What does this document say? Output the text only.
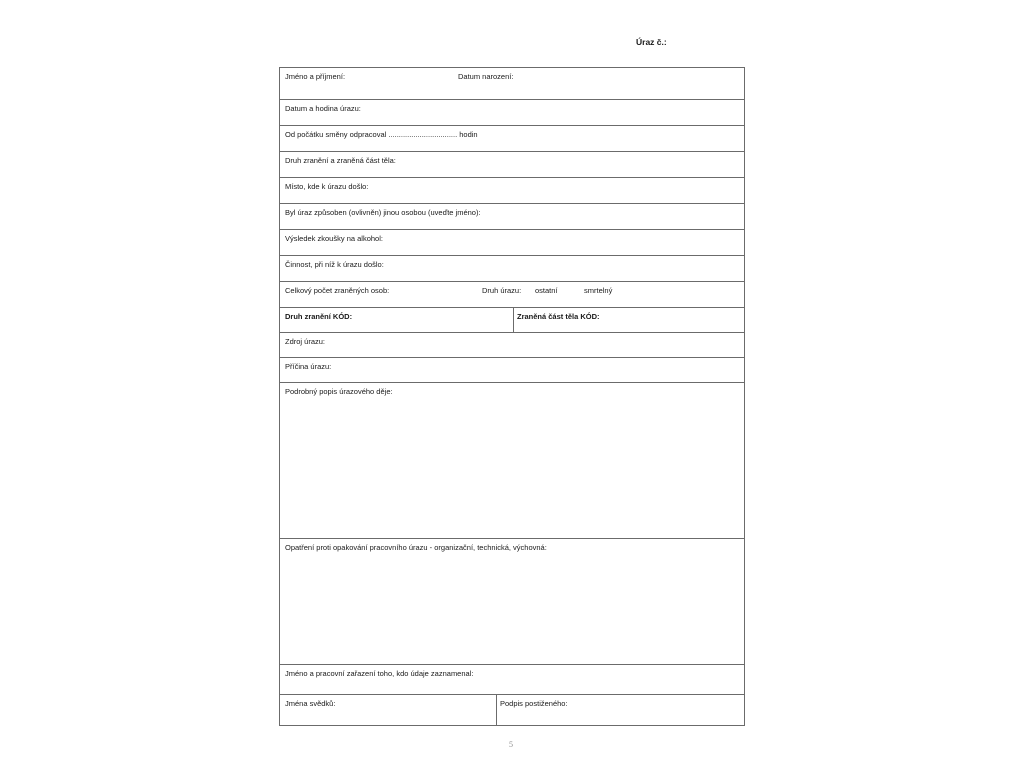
Úraz č.:
Jméno a příjmení:	Datum narození:
Datum a hodina úrazu:
Od počátku směny odpracoval ................................. hodin
Druh zranění a zraněná část těla:
Místo, kde k úrazu došlo:
Byl úraz způsoben (ovlivněn) jinou osobou (uveďte jméno):
Výsledek zkoušky na alkohol:
Činnost, při níž k úrazu došlo:
Celkový počet zraněných osob:	Druh úrazu: ostatní	smrtelný
Druh zranění KÓD:	Zraněná část těla KÓD:
Zdroj úrazu:
Příčina úrazu:
Podrobný popis úrazového děje:
Opatření proti opakování pracovního úrazu - organizační, technická, výchovná:
Jméno a pracovní zařazení toho, kdo údaje zaznamenal:
Jména svědků:	Podpis postiženého:
5
